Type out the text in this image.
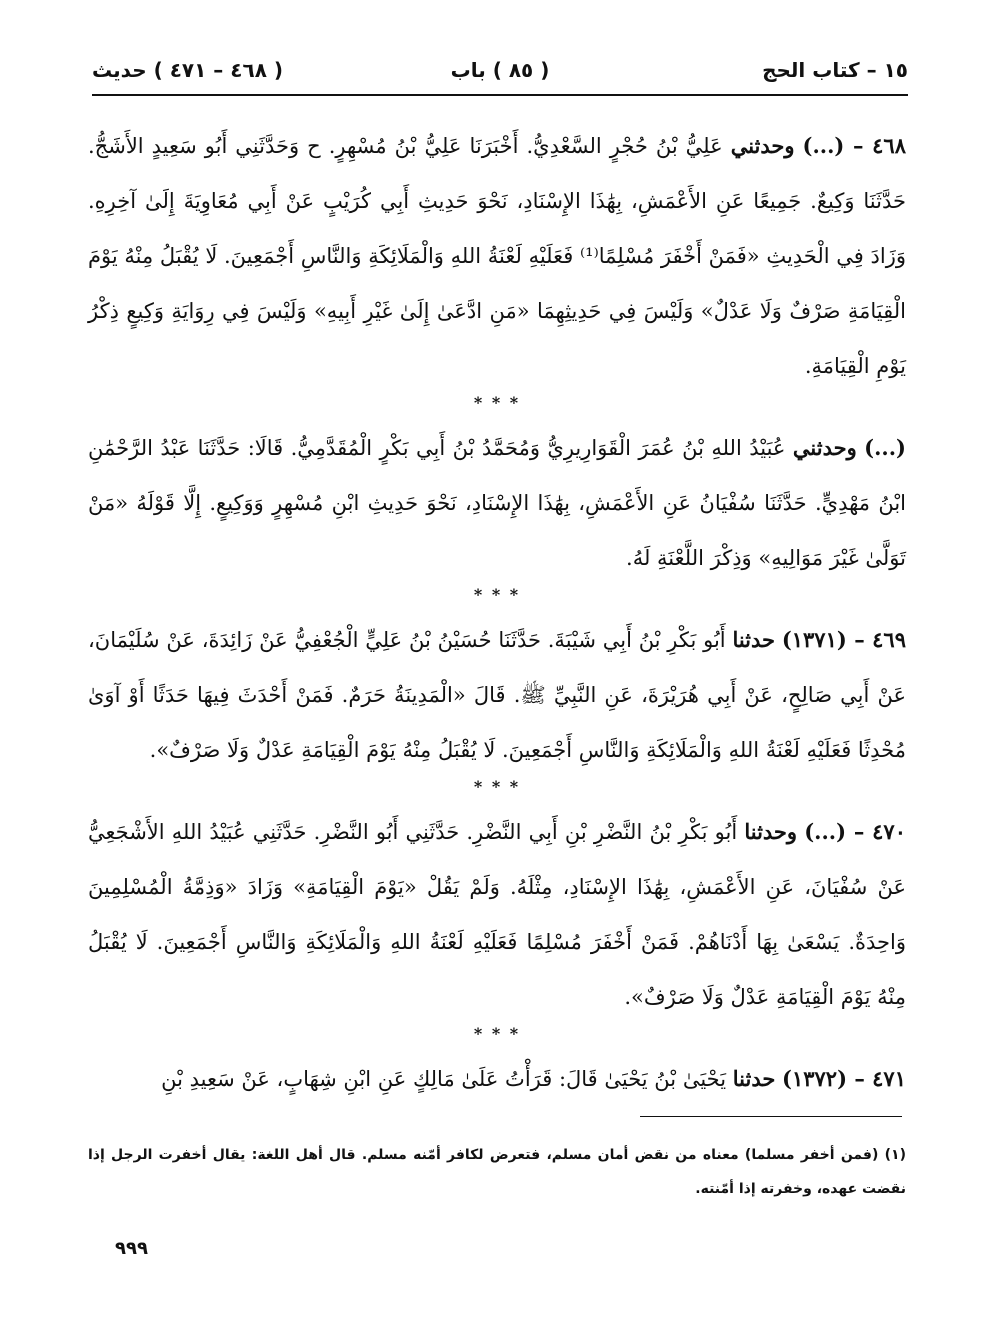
١٥ – كتاب الحج
( ٨٥ ) باب
( ٤٦٨ – ٤٧١ ) حديث

٤٦٨ – (...) وحدثني عَلِيُّ بْنُ حُجْرٍ السَّعْدِيُّ. أَخْبَرَنَا عَلِيُّ بْنُ مُسْهِرٍ. ح وَحَدَّثَنِي أَبُو سَعِيدٍ الأَشَجُّ. حَدَّثَنَا وَكِيعٌ. جَمِيعًا عَنِ الأَعْمَشِ، بِهَٰذَا الإِسْنَادِ، نَحْوَ حَدِيثِ أَبِي كُرَيْبٍ عَنْ أَبِي مُعَاوِيَةَ إِلَىٰ آخِرِهِ. وَزَادَ فِي الْحَدِيثِ «فَمَنْ أَخْفَرَ مُسْلِمًا⁽¹⁾ فَعَلَيْهِ لَعْنَةُ اللهِ وَالْمَلَائِكَةِ وَالنَّاسِ أَجْمَعِينَ. لَا يُقْبَلُ مِنْهُ يَوْمَ الْقِيَامَةِ صَرْفٌ وَلَا عَدْلٌ» وَلَيْسَ فِي حَدِيثِهِمَا «مَنِ ادَّعَىٰ إِلَىٰ غَيْرِ أَبِيهِ» وَلَيْسَ فِي رِوَايَةِ وَكِيعٍ ذِكْرُ يَوْمِ الْقِيَامَةِ.

* * *

(...) وحدثني عُبَيْدُ اللهِ بْنُ عُمَرَ الْقَوَارِيرِيُّ وَمُحَمَّدُ بْنُ أَبِي بَكْرٍ الْمُقَدَّمِيُّ. قَالَا: حَدَّثَنَا عَبْدُ الرَّحْمَٰنِ ابْنُ مَهْدِيٍّ. حَدَّثَنَا سُفْيَانُ عَنِ الأَعْمَشِ، بِهَٰذَا الإِسْنَادِ، نَحْوَ حَدِيثِ ابْنِ مُسْهِرٍ وَوَكِيعٍ. إِلَّا قَوْلَهُ «مَنْ تَوَلَّىٰ غَيْرَ مَوَالِيهِ» وَذِكْرَ اللَّعْنَةِ لَهُ.

* * *

٤٦٩ – (١٣٧١) حدثنا أَبُو بَكْرِ بْنُ أَبِي شَيْبَةَ. حَدَّثَنَا حُسَيْنُ بْنُ عَلِيٍّ الْجُعْفِيُّ عَنْ زَائِدَةَ، عَنْ سُلَيْمَانَ، عَنْ أَبِي صَالِحٍ، عَنْ أَبِي هُرَيْرَةَ، عَنِ النَّبِيِّ ﷺ. قَالَ «الْمَدِينَةُ حَرَمٌ. فَمَنْ أَحْدَثَ فِيهَا حَدَثًا أَوْ آوَىٰ مُحْدِثًا فَعَلَيْهِ لَعْنَةُ اللهِ وَالْمَلَائِكَةِ وَالنَّاسِ أَجْمَعِينَ. لَا يُقْبَلُ مِنْهُ يَوْمَ الْقِيَامَةِ عَدْلٌ وَلَا صَرْفٌ».

* * *

٤٧٠ – (...) وحدثنا أَبُو بَكْرِ بْنُ النَّضْرِ بْنِ أَبِي النَّضْرِ. حَدَّثَنِي أَبُو النَّضْرِ. حَدَّثَنِي عُبَيْدُ اللهِ الأَشْجَعِيُّ عَنْ سُفْيَانَ، عَنِ الأَعْمَشِ، بِهَٰذَا الإِسْنَادِ، مِثْلَهُ. وَلَمْ يَقُلْ «يَوْمَ الْقِيَامَةِ» وَزَادَ «وَذِمَّةُ الْمُسْلِمِينَ وَاحِدَةٌ. يَسْعَىٰ بِهَا أَدْنَاهُمْ. فَمَنْ أَخْفَرَ مُسْلِمًا فَعَلَيْهِ لَعْنَةُ اللهِ وَالْمَلَائِكَةِ وَالنَّاسِ أَجْمَعِينَ. لَا يُقْبَلُ مِنْهُ يَوْمَ الْقِيَامَةِ عَدْلٌ وَلَا صَرْفٌ».

* * *

٤٧١ – (١٣٧٢) حدثنا يَحْيَىٰ بْنُ يَحْيَىٰ قَالَ: قَرَأْتُ عَلَىٰ مَالِكٍ عَنِ ابْنِ شِهَابٍ، عَنْ سَعِيدِ بْنِ

(١) (فمن أخفر مسلما) معناه من نقض أمان مسلم، فتعرض لكافر أمّنه مسلم. قال أهل اللغة: يقال أخفرت الرجل إذا نقضت عهده، وخفرته إذا أمّنته.
٩٩٩
